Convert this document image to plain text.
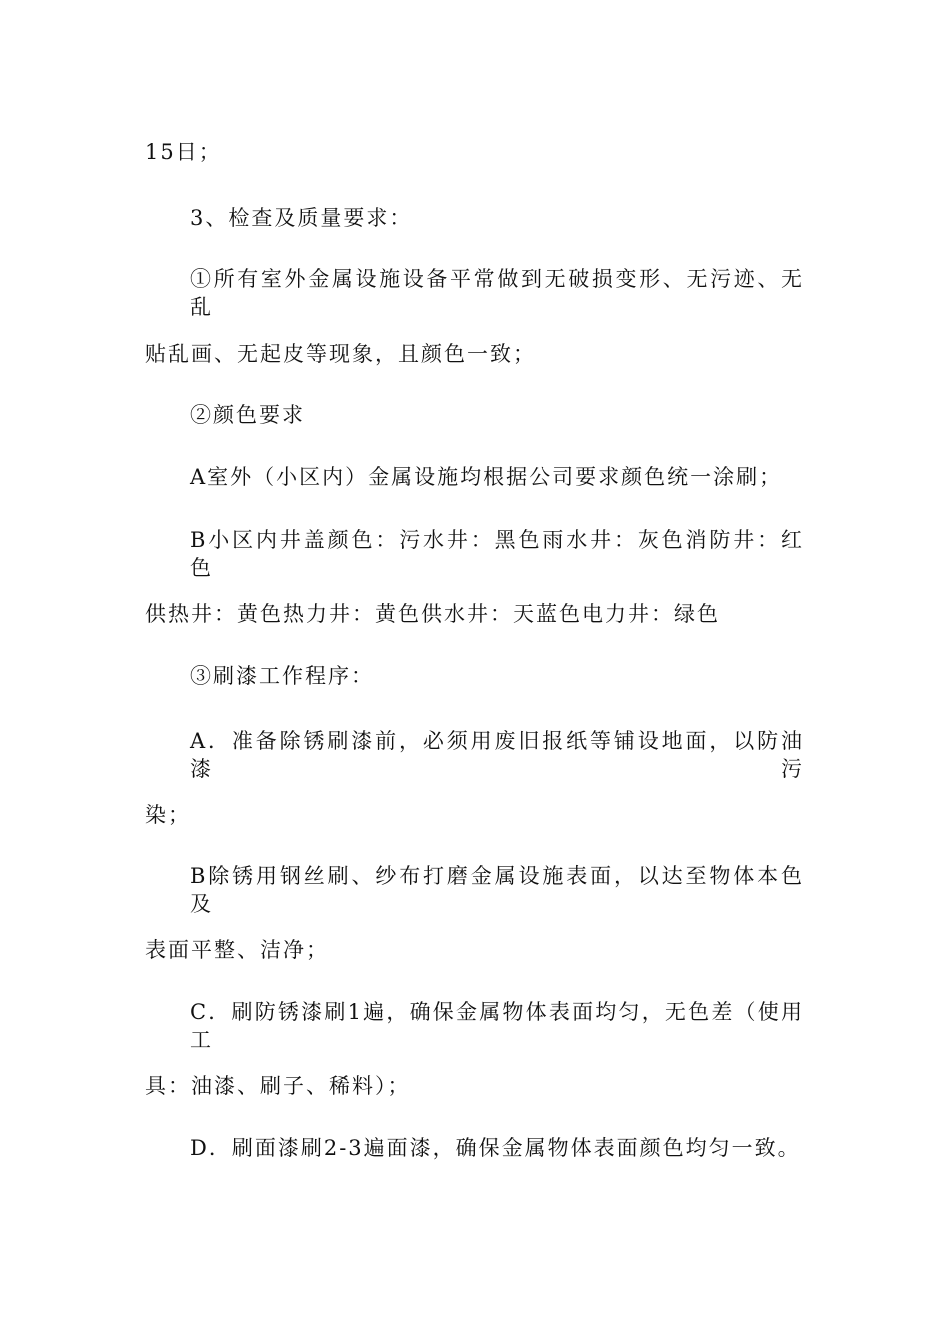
15日；
3、检查及质量要求：
①所有室外金属设施设备平常做到无破损变形、无污迹、无乱
贴乱画、无起皮等现象，且颜色一致；
②颜色要求
A室外（小区内）金属设施均根据公司要求颜色统一涂刷；
B小区内井盖颜色：污水井：黑色雨水井：灰色消防井：红色
供热井：黄色热力井：黄色供水井：天蓝色电力井：绿色
③刷漆工作程序：
A．准备除锈刷漆前，必须用废旧报纸等铺设地面，以防油漆污
染；
B除锈用钢丝刷、纱布打磨金属设施表面，以达至物体本色及
表面平整、洁净；
C．刷防锈漆刷1遍，确保金属物体表面均匀，无色差（使用工
具：油漆、刷子、稀料）；
D．刷面漆刷2-3遍面漆，确保金属物体表面颜色均匀一致。
